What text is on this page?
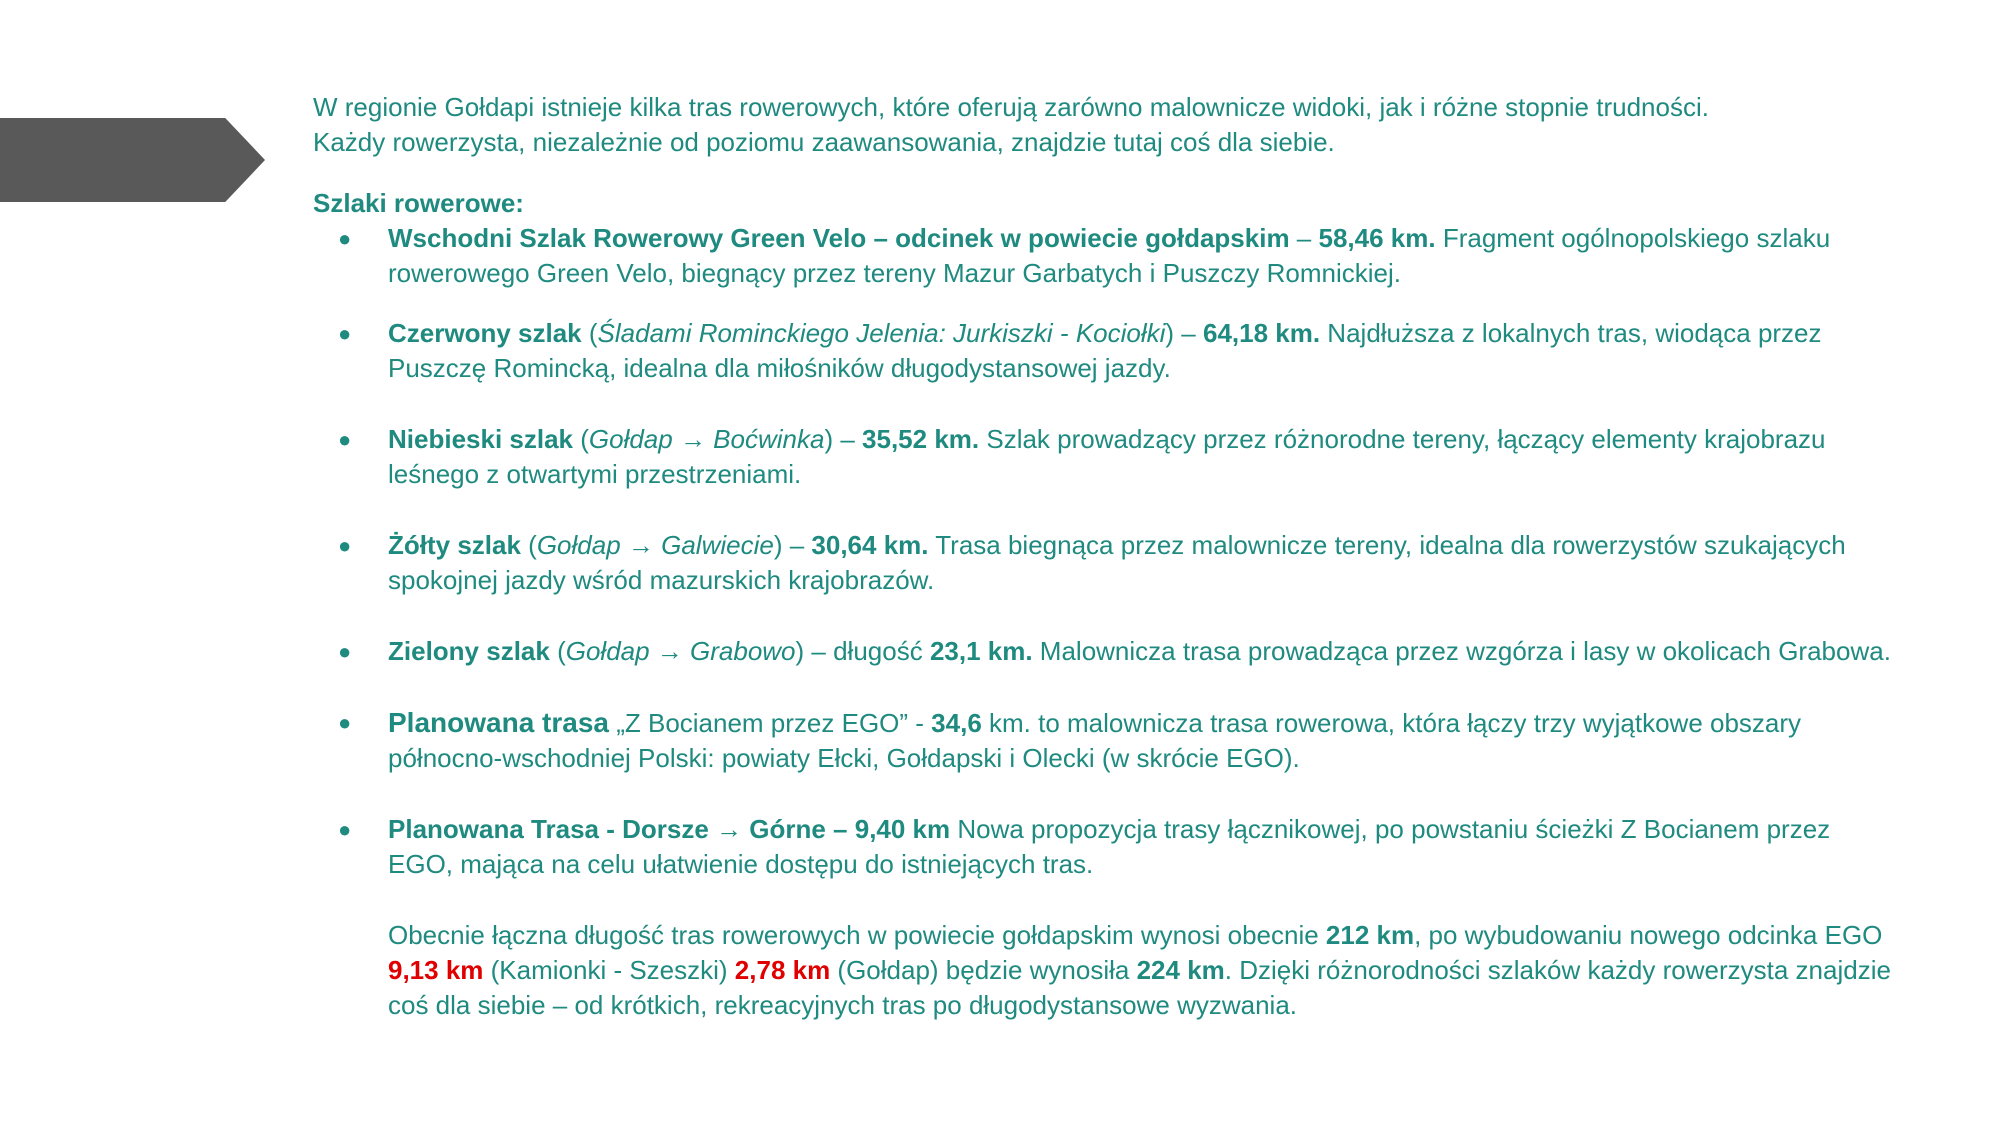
W regionie Gołdapi istnieje kilka tras rowerowych, które oferują zarówno malownicze widoki, jak i różne stopnie trudności.
Każdy rowerzysta, niezależnie od poziomu zaawansowania, znajdzie tutaj coś dla siebie.

Szlaki rowerowe:

● Wschodni Szlak Rowerowy Green Velo – odcinek w powiecie gołdapskim – 58,46 km. Fragment ogólnopolskiego szlaku rowerowego Green Velo, biegnący przez tereny Mazur Garbatych i Puszczy Romnickiej.
● Czerwony szlak (Śladami Rominckiego Jelenia: Jurkiszki - Kociołki) – 64,18 km. Najdłuższa z lokalnych tras, wiodąca przez Puszczę Romincką, idealna dla miłośników długodystansowej jazdy.
● Niebieski szlak (Gołdap → Boćwinka) – 35,52 km. Szlak prowadzący przez różnorodne tereny, łączący elementy krajobrazu leśnego z otwartymi przestrzeniami.
● Żółty szlak (Gołdap → Galwiecie) – 30,64 km. Trasa biegnąca przez malownicze tereny, idealna dla rowerzystów szukających spokojnej jazdy wśród mazurskich krajobrazów.
● Zielony szlak (Gołdap → Grabowo) – długość 23,1 km. Malownicza trasa prowadząca przez wzgórza i lasy w okolicach Grabowa.
● Planowana trasa „Z Bocianem przez EGO” - 34,6 km. to malownicza trasa rowerowa, która łączy trzy wyjątkowe obszary północno-wschodniej Polski: powiaty Ełcki, Gołdapski i Olecki (w skrócie EGO).
● Planowana Trasa - Dorsze → Górne – 9,40 km Nowa propozycja trasy łącznikowej, po powstaniu ścieżki Z Bocianem przez EGO, mająca na celu ułatwienie dostępu do istniejących tras.

Obecnie łączna długość tras rowerowych w powiecie gołdapskim wynosi obecnie 212 km, po wybudowaniu nowego odcinka EGO 9,13 km (Kamionki - Szeszki) 2,78 km (Gołdap) będzie wynosiła 224 km. Dzięki różnorodności szlaków każdy rowerzysta znajdzie coś dla siebie – od krótkich, rekreacyjnych tras po długodystansowe wyzwania.
